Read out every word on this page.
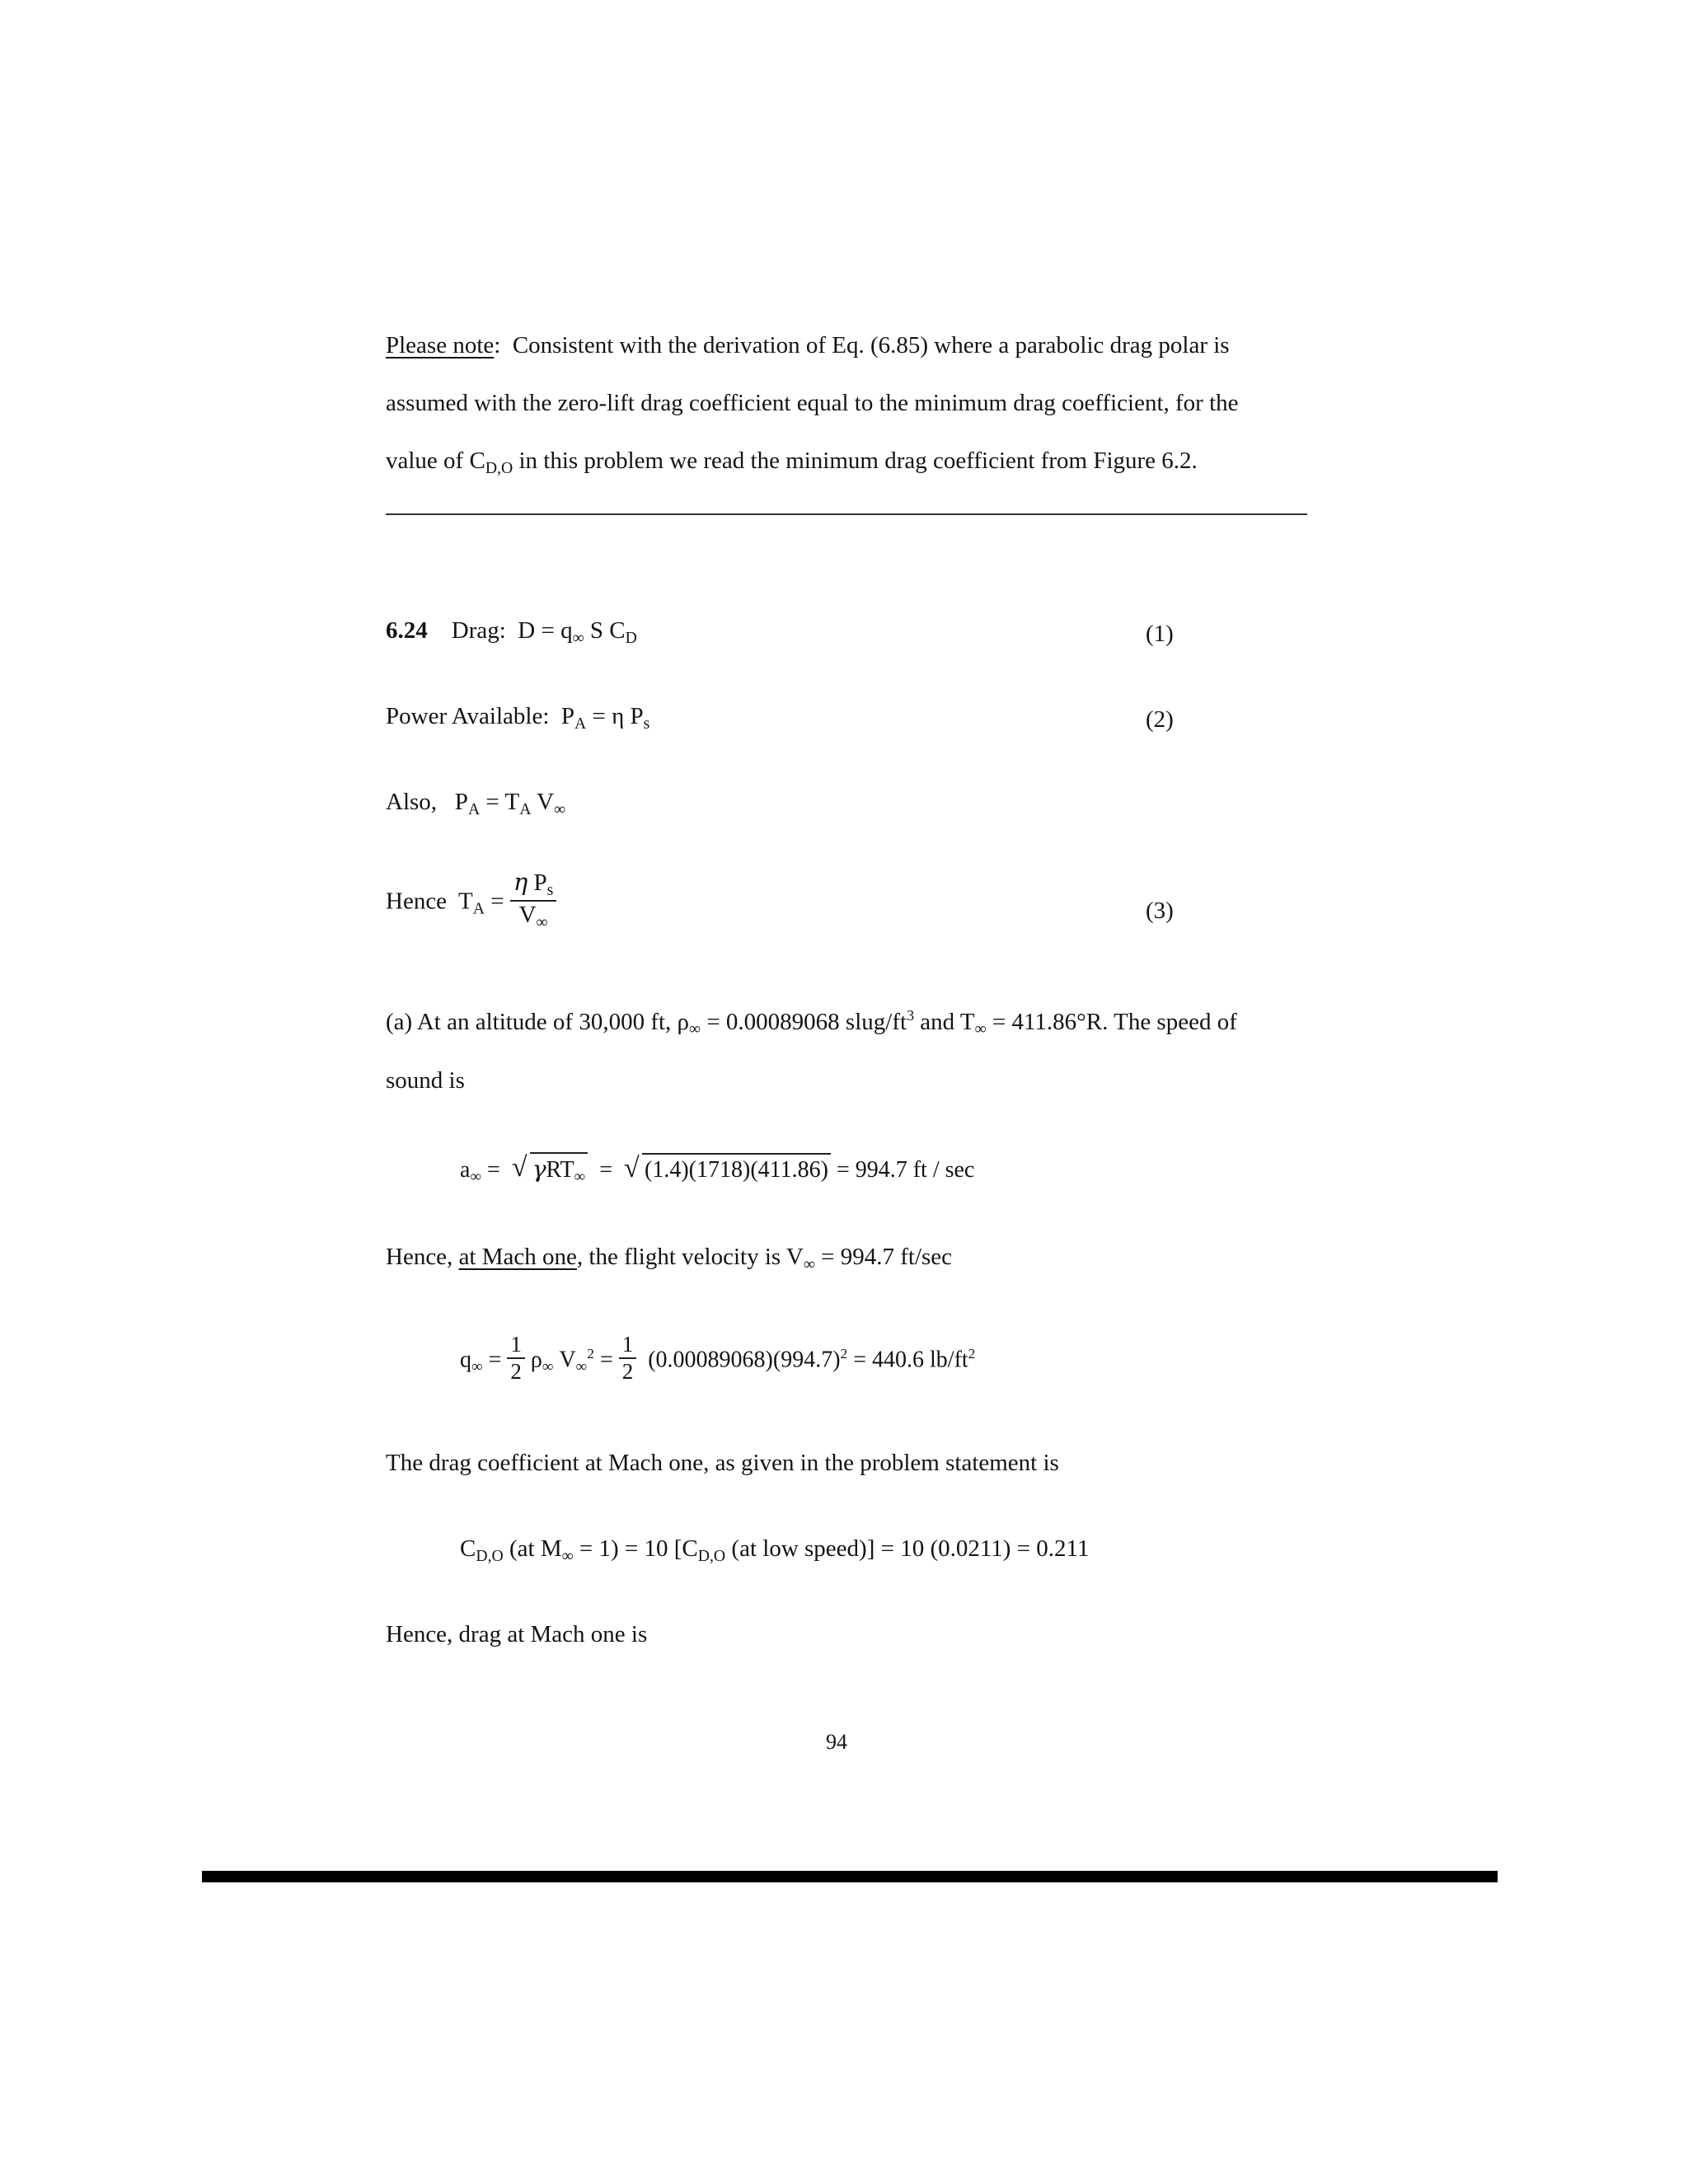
Please note:  Consistent with the derivation of Eq. (6.85) where a parabolic drag polar is
assumed with the zero-lift drag coefficient equal to the minimum drag coefficient, for the
value of $C_{D,O}$ in this problem we read the minimum drag coefficient from Figure 6.2.
6.24 Drag:  $D = q_\infty$ S $C_D$	(1)
Power Available:  $P_A = \eta$ $P_s$	(2)
Also,   $P_A = T_A$ $V_\infty$
Hence  $T_A = \frac{\eta P_s}{V_\infty}$	(3)
(a) At an altitude of 30,000 ft, $\rho_\infty = 0.00089068$ slug/$ft^3$ and $T_\infty = 411.86^\circ R$. The speed of
sound is
$a_\infty$ = √ γRT$_\infty$  = √ (1.4)(1718)(411.86) = 994.7 ft / sec
Hence, at Mach one, the flight velocity is $V_\infty = 994.7$ ft/sec
$q_\infty = \frac{1}{2} \rho_\infty$ $V_\infty^2 = \frac{1}{2} (0.00089068)(994.7)^2 = 440.6$ $lb/ft^2$
The drag coefficient at Mach one, as given in the problem statement is
$C_{D,O}$ (at $M_\infty = 1) = 10$ [$C_{D,O}$ (at low speed)] = 10 (0.0211) = 0.211
Hence, drag at Mach one is
94
